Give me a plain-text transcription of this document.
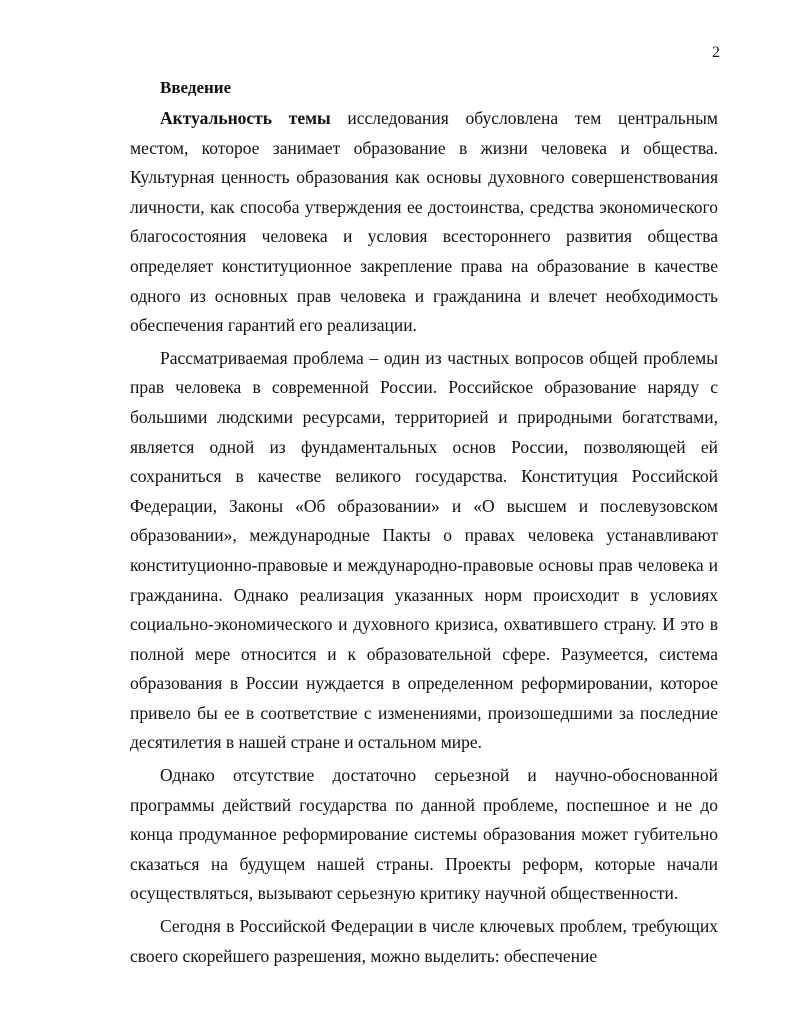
2
Введение

Актуальность темы исследования обусловлена тем центральным местом, которое занимает образование в жизни человека и общества. Культурная ценность образования как основы духовного совершенствования личности, как способа утверждения ее достоинства, средства экономического благосостояния человека и условия всестороннего развития общества определяет конституционное закрепление права на образование в качестве одного из основных прав человека и гражданина и влечет необходимость обеспечения гарантий его реализации.

Рассматриваемая проблема – один из частных вопросов общей проблемы прав человека в современной России. Российское образование наряду с большими людскими ресурсами, территорией и природными богатствами, является одной из фундаментальных основ России, позволяющей ей сохраниться в качестве великого государства. Конституция Российской Федерации, Законы «Об образовании» и «О высшем и послевузовском образовании», международные Пакты о правах человека устанавливают конституционно-правовые и международно-правовые основы прав человека и гражданина. Однако реализация указанных норм происходит в условиях социально-экономического и духовного кризиса, охватившего страну. И это в полной мере относится и к образовательной сфере. Разумеется, система образования в России нуждается в определенном реформировании, которое привело бы ее в соответствие с изменениями, произошедшими за последние десятилетия в нашей стране и остальном мире.

Однако отсутствие достаточно серьезной и научно-обоснованной программы действий государства по данной проблеме, поспешное и не до конца продуманное реформирование системы образования может губительно сказаться на будущем нашей страны. Проекты реформ, которые начали осуществляться, вызывают серьезную критику научной общественности.

Сегодня в Российской Федерации в числе ключевых проблем, требующих своего скорейшего разрешения, можно выделить: обеспечение
